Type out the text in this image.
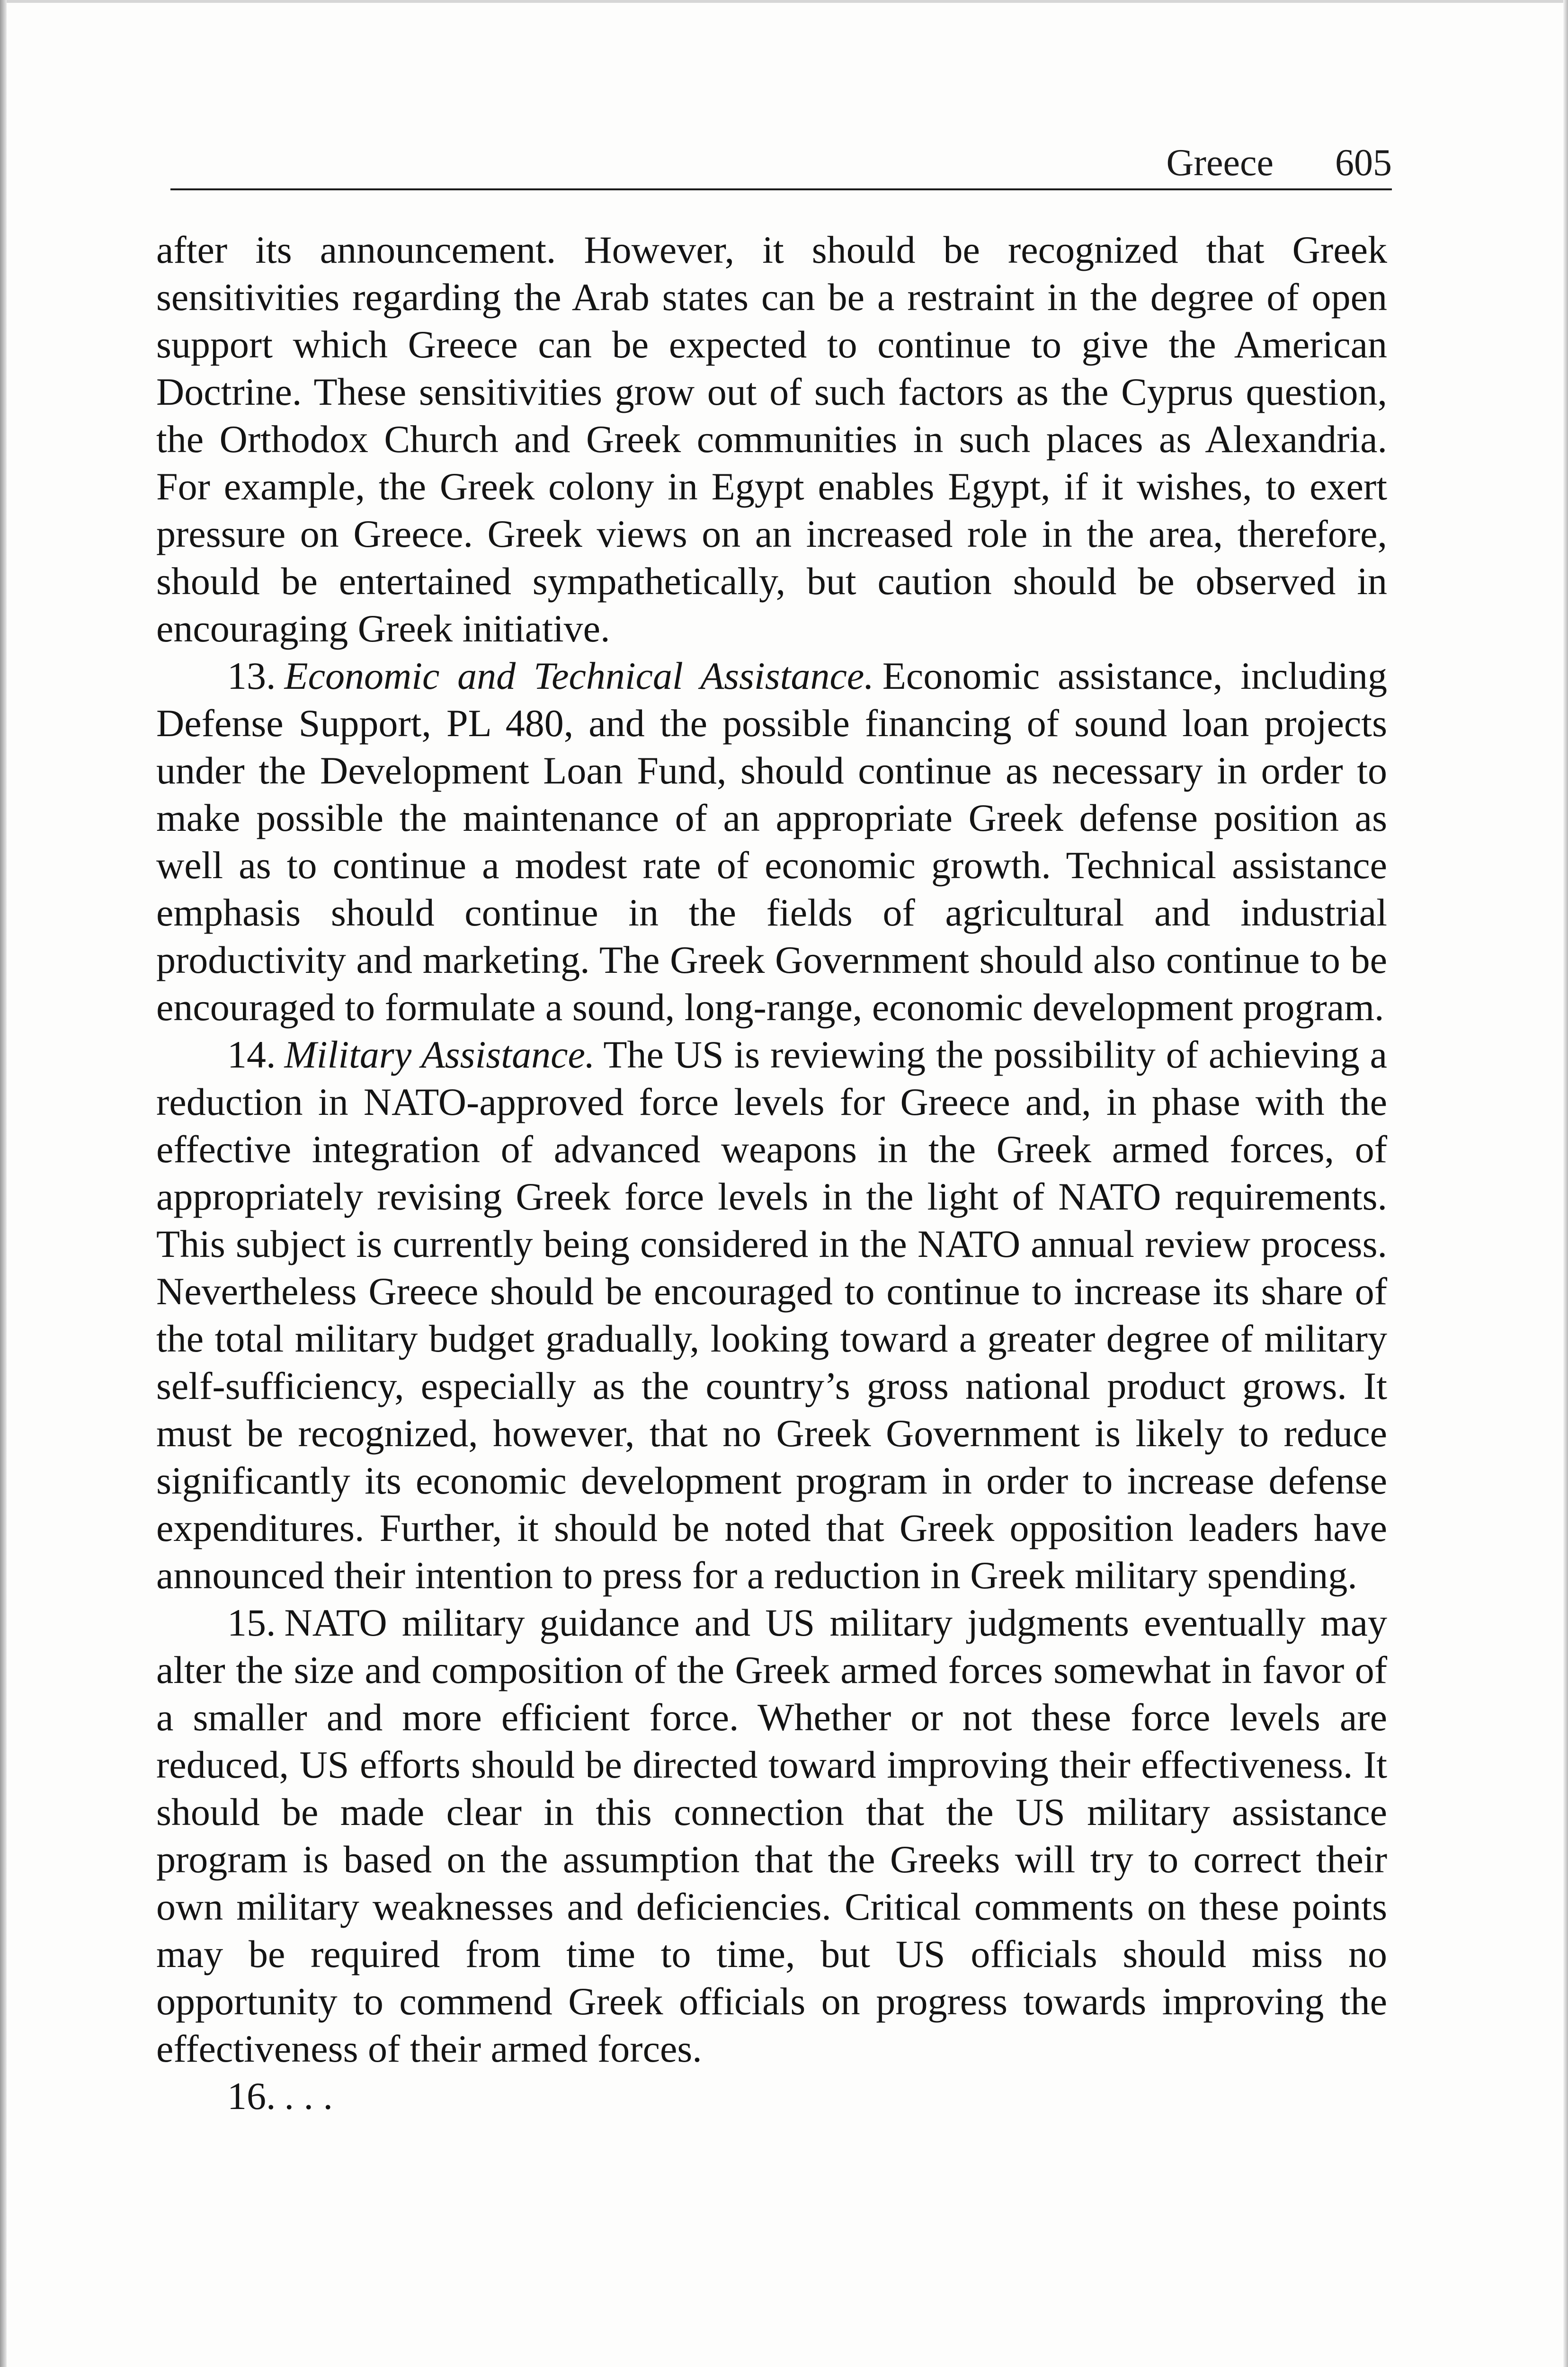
Greece 605

after its announcement. However, it should be recognized that Greek sensitivities regarding the Arab states can be a restraint in the degree of open support which Greece can be expected to continue to give the American Doctrine. These sensitivities grow out of such factors as the Cyprus question, the Orthodox Church and Greek communities in such places as Alexandria. For example, the Greek colony in Egypt enables Egypt, if it wishes, to exert pressure on Greece. Greek views on an increased role in the area, therefore, should be entertained sympathetically, but caution should be observed in encouraging Greek initiative.

13. Economic and Technical Assistance. Economic assistance, including Defense Support, PL 480, and the possible financing of sound loan projects under the Development Loan Fund, should continue as necessary in order to make possible the maintenance of an appropriate Greek defense position as well as to continue a modest rate of economic growth. Technical assistance emphasis should continue in the fields of agricultural and industrial productivity and marketing. The Greek Government should also continue to be encouraged to formulate a sound, long-range, economic development program.

14. Military Assistance. The US is reviewing the possibility of achieving a reduction in NATO-approved force levels for Greece and, in phase with the effective integration of advanced weapons in the Greek armed forces, of appropriately revising Greek force levels in the light of NATO requirements. This subject is currently being considered in the NATO annual review process. Nevertheless Greece should be encouraged to continue to increase its share of the total military budget gradually, looking toward a greater degree of military self-sufficiency, especially as the country’s gross national product grows. It must be recognized, however, that no Greek Government is likely to reduce significantly its economic development program in order to increase defense expenditures. Further, it should be noted that Greek opposition leaders have announced their intention to press for a reduction in Greek military spending.

15. NATO military guidance and US military judgments eventually may alter the size and composition of the Greek armed forces somewhat in favor of a smaller and more efficient force. Whether or not these force levels are reduced, US efforts should be directed toward improving their effectiveness. It should be made clear in this connection that the US military assistance program is based on the assumption that the Greeks will try to correct their own military weaknesses and deficiencies. Critical comments on these points may be required from time to time, but US officials should miss no opportunity to commend Greek officials on progress towards improving the effectiveness of their armed forces.

16. . . .
